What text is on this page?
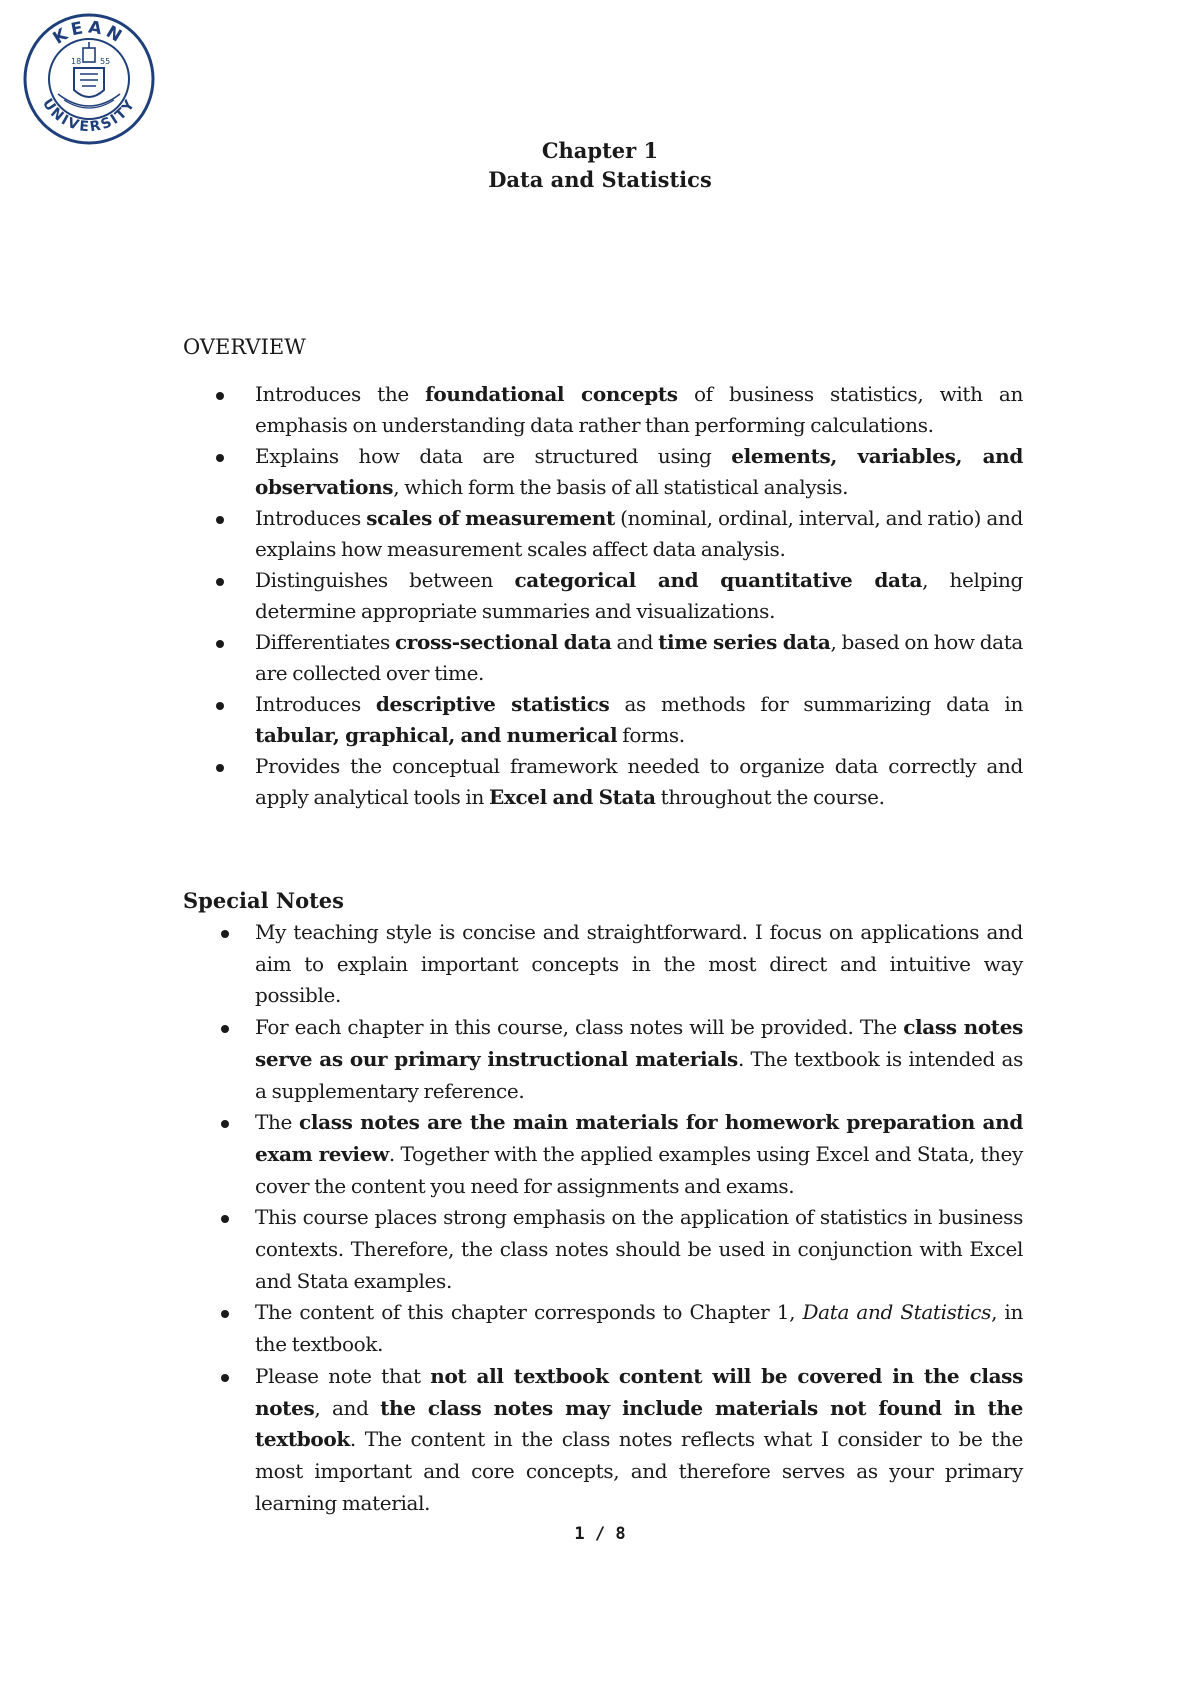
KEAN
UNIVERSITY
18 55
Chapter 1
Data and Statistics
OVERVIEW
Introduces the foundational concepts of business statistics, with an emphasis on understanding data rather than performing calculations.
Explains how data are structured using elements, variables, and observations, which form the basis of all statistical analysis.
Introduces scales of measurement (nominal, ordinal, interval, and ratio) and explains how measurement scales affect data analysis.
Distinguishes between categorical and quantitative data, helping determine appropriate summaries and visualizations.
Differentiates cross-sectional data and time series data, based on how data are collected over time.
Introduces descriptive statistics as methods for summarizing data in tabular, graphical, and numerical forms.
Provides the conceptual framework needed to organize data correctly and apply analytical tools in Excel and Stata throughout the course.
Special Notes
My teaching style is concise and straightforward. I focus on applications and aim to explain important concepts in the most direct and intuitive way possible.
For each chapter in this course, class notes will be provided. The class notes serve as our primary instructional materials. The textbook is intended as a supplementary reference.
The class notes are the main materials for homework preparation and exam review. Together with the applied examples using Excel and Stata, they cover the content you need for assignments and exams.
This course places strong emphasis on the application of statistics in business contexts. Therefore, the class notes should be used in conjunction with Excel and Stata examples.
The content of this chapter corresponds to Chapter 1, Data and Statistics, in the textbook.
Please note that not all textbook content will be covered in the class notes, and the class notes may include materials not found in the textbook. The content in the class notes reflects what I consider to be the most important and core concepts, and therefore serves as your primary learning material.
1 / 8
